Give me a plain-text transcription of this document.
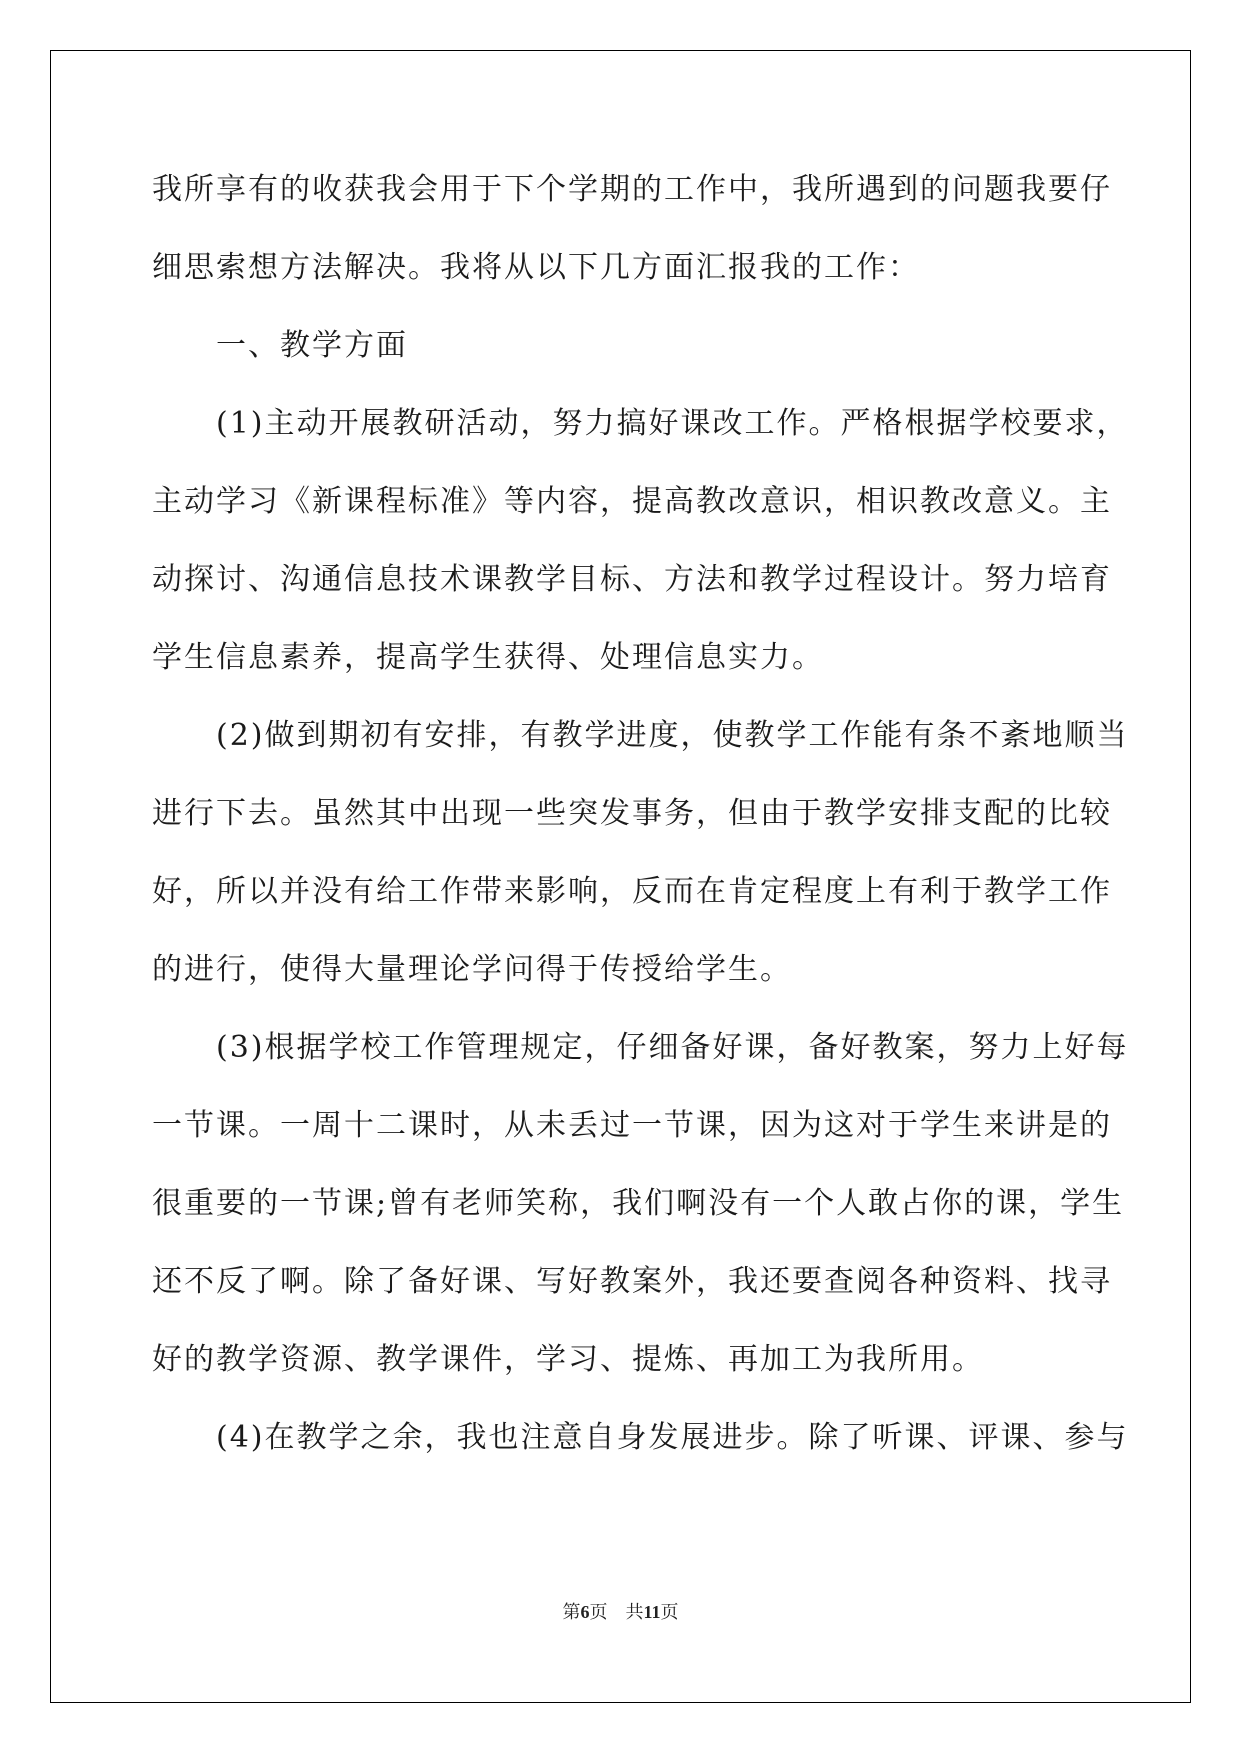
我所享有的收获我会用于下个学期的工作中，我所遇到的问题我要仔
细思索想方法解决。我将从以下几方面汇报我的工作：
　　一、教学方面
　　(1)主动开展教研活动，努力搞好课改工作。严格根据学校要求，
主动学习《新课程标准》等内容，提高教改意识，相识教改意义。主
动探讨、沟通信息技术课教学目标、方法和教学过程设计。努力培育
学生信息素养，提高学生获得、处理信息实力。
　　(2)做到期初有安排，有教学进度，使教学工作能有条不紊地顺当
进行下去。虽然其中出现一些突发事务，但由于教学安排支配的比较
好，所以并没有给工作带来影响，反而在肯定程度上有利于教学工作
的进行，使得大量理论学问得于传授给学生。
　　(3)根据学校工作管理规定，仔细备好课，备好教案，努力上好每
一节课。一周十二课时，从未丢过一节课，因为这对于学生来讲是的
很重要的一节课;曾有老师笑称，我们啊没有一个人敢占你的课，学生
还不反了啊。除了备好课、写好教案外，我还要查阅各种资料、找寻
好的教学资源、教学课件，学习、提炼、再加工为我所用。
　　(4)在教学之余，我也注意自身发展进步。除了听课、评课、参与
第6页　 共11页
